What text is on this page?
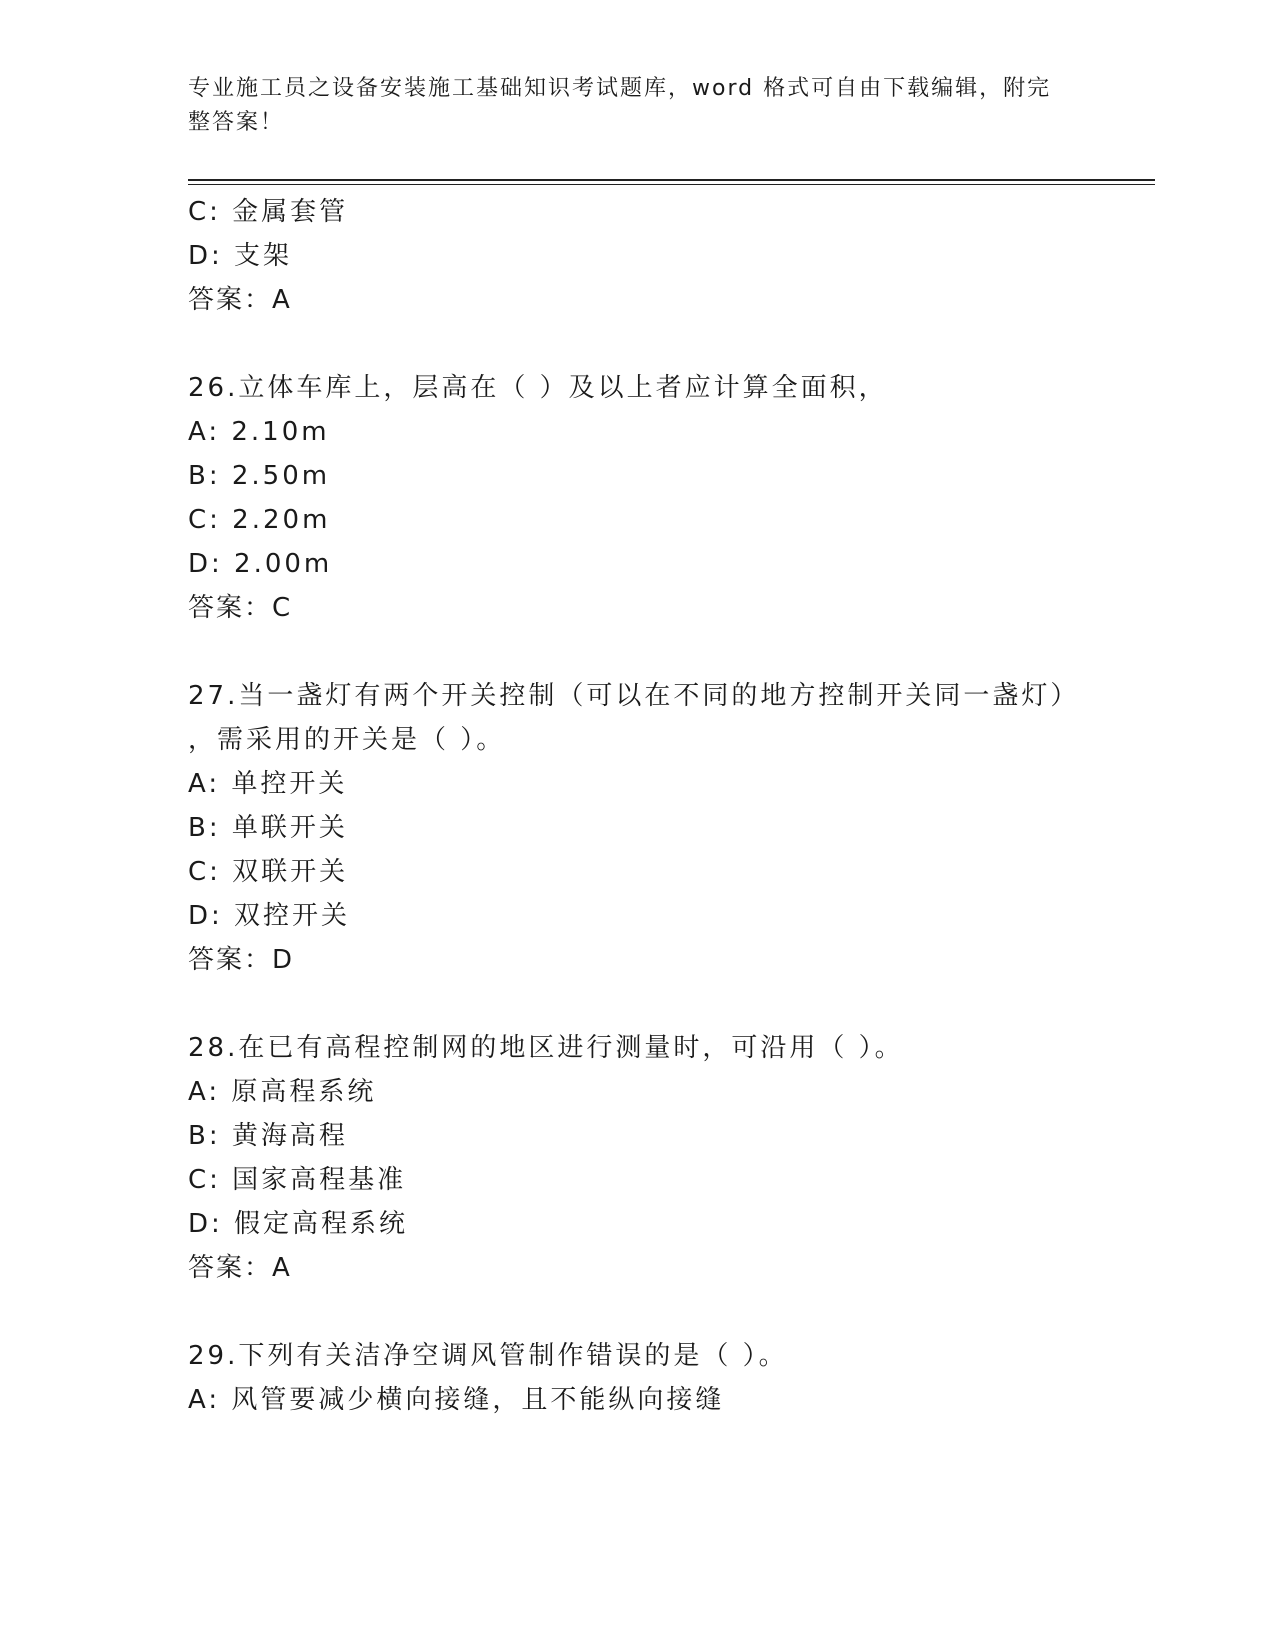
专业施工员之设备安装施工基础知识考试题库，word 格式可自由下载编辑，附完整答案！
C: 金属套管
D: 支架
答案：A
26.立体车库上，层高在（ ）及以上者应计算全面积，
A: 2.10m
B: 2.50m
C: 2.20m
D: 2.00m
答案：C
27.当一盏灯有两个开关控制（可以在不同的地方控制开关同一盏灯）
，需采用的开关是（ ）。
A: 单控开关
B: 单联开关
C: 双联开关
D: 双控开关
答案：D
28.在已有高程控制网的地区进行测量时，可沿用（ ）。
A: 原高程系统
B: 黄海高程
C: 国家高程基准
D: 假定高程系统
答案：A
29.下列有关洁净空调风管制作错误的是（ ）。
A: 风管要减少横向接缝，且不能纵向接缝
